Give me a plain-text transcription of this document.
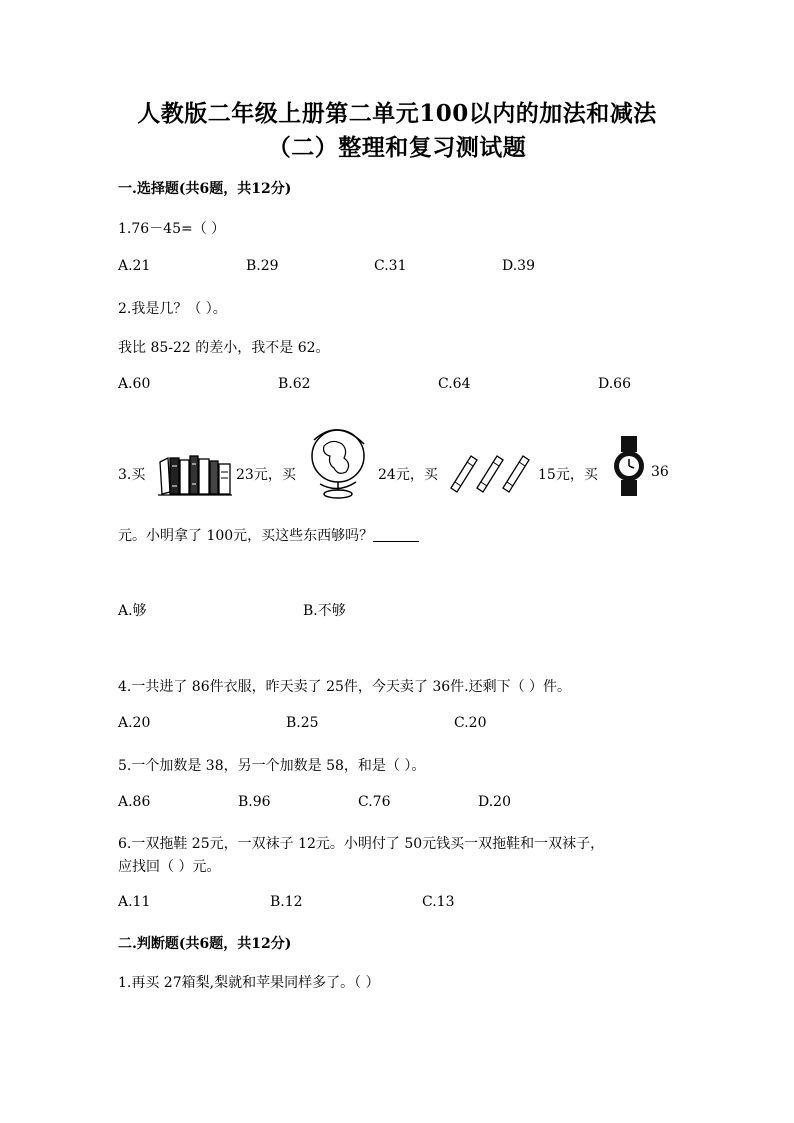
人教版二年级上册第二单元100以内的加法和减法
（二）整理和复习测试题
一.选择题(共6题，共12分)
1.76－45=（ ）
A.21	B.29	C.31	D.39
2.我是几？（ ）。
我比 85-22 的差小，我不是 62。
A.60	B.62	C.64	D.66
3.买	23元，买	24元，买	15元，买	36
元。小明拿了 100元，买这些东西够吗？
A.够	B.不够
4.一共进了 86件衣服，昨天卖了 25件，今天卖了 36件.还剩下（ ）件。
A.20	B.25	C.20
5.一个加数是 38，另一个加数是 58，和是（ ）。
A.86	B.96	C.76	D.20
6.一双拖鞋 25元，一双袜子 12元。小明付了 50元钱买一双拖鞋和一双袜子，
应找回（ ）元。
A.11	B.12	C.13
二.判断题(共6题，共12分)
1.再买 27箱梨,梨就和苹果同样多了。（ ）
